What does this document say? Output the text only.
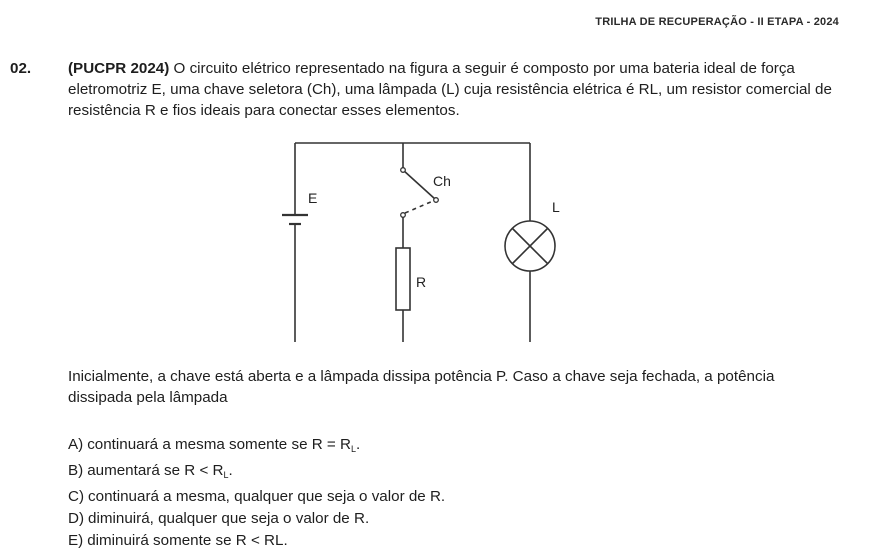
TRILHA DE RECUPERAÇÃO - II ETAPA - 2024
02. (PUCPR 2024) O circuito elétrico representado na figura a seguir é composto por uma bateria ideal de força eletromotriz E, uma chave seletora (Ch), uma lâmpada (L) cuja resistência elétrica é RL, um resistor comercial de resistência R e fios ideais para conectar esses elementos.
E
Ch
L
R
Inicialmente, a chave está aberta e a lâmpada dissipa potência P. Caso a chave seja fechada, a potência dissipada pela lâmpada
A) continuará a mesma somente se $R = R_L$.
B) aumentará se $R < R_L$.
C) continuará a mesma, qualquer que seja o valor de R.
D) diminuirá, qualquer que seja o valor de R.
E) diminuirá somente se R < RL.
